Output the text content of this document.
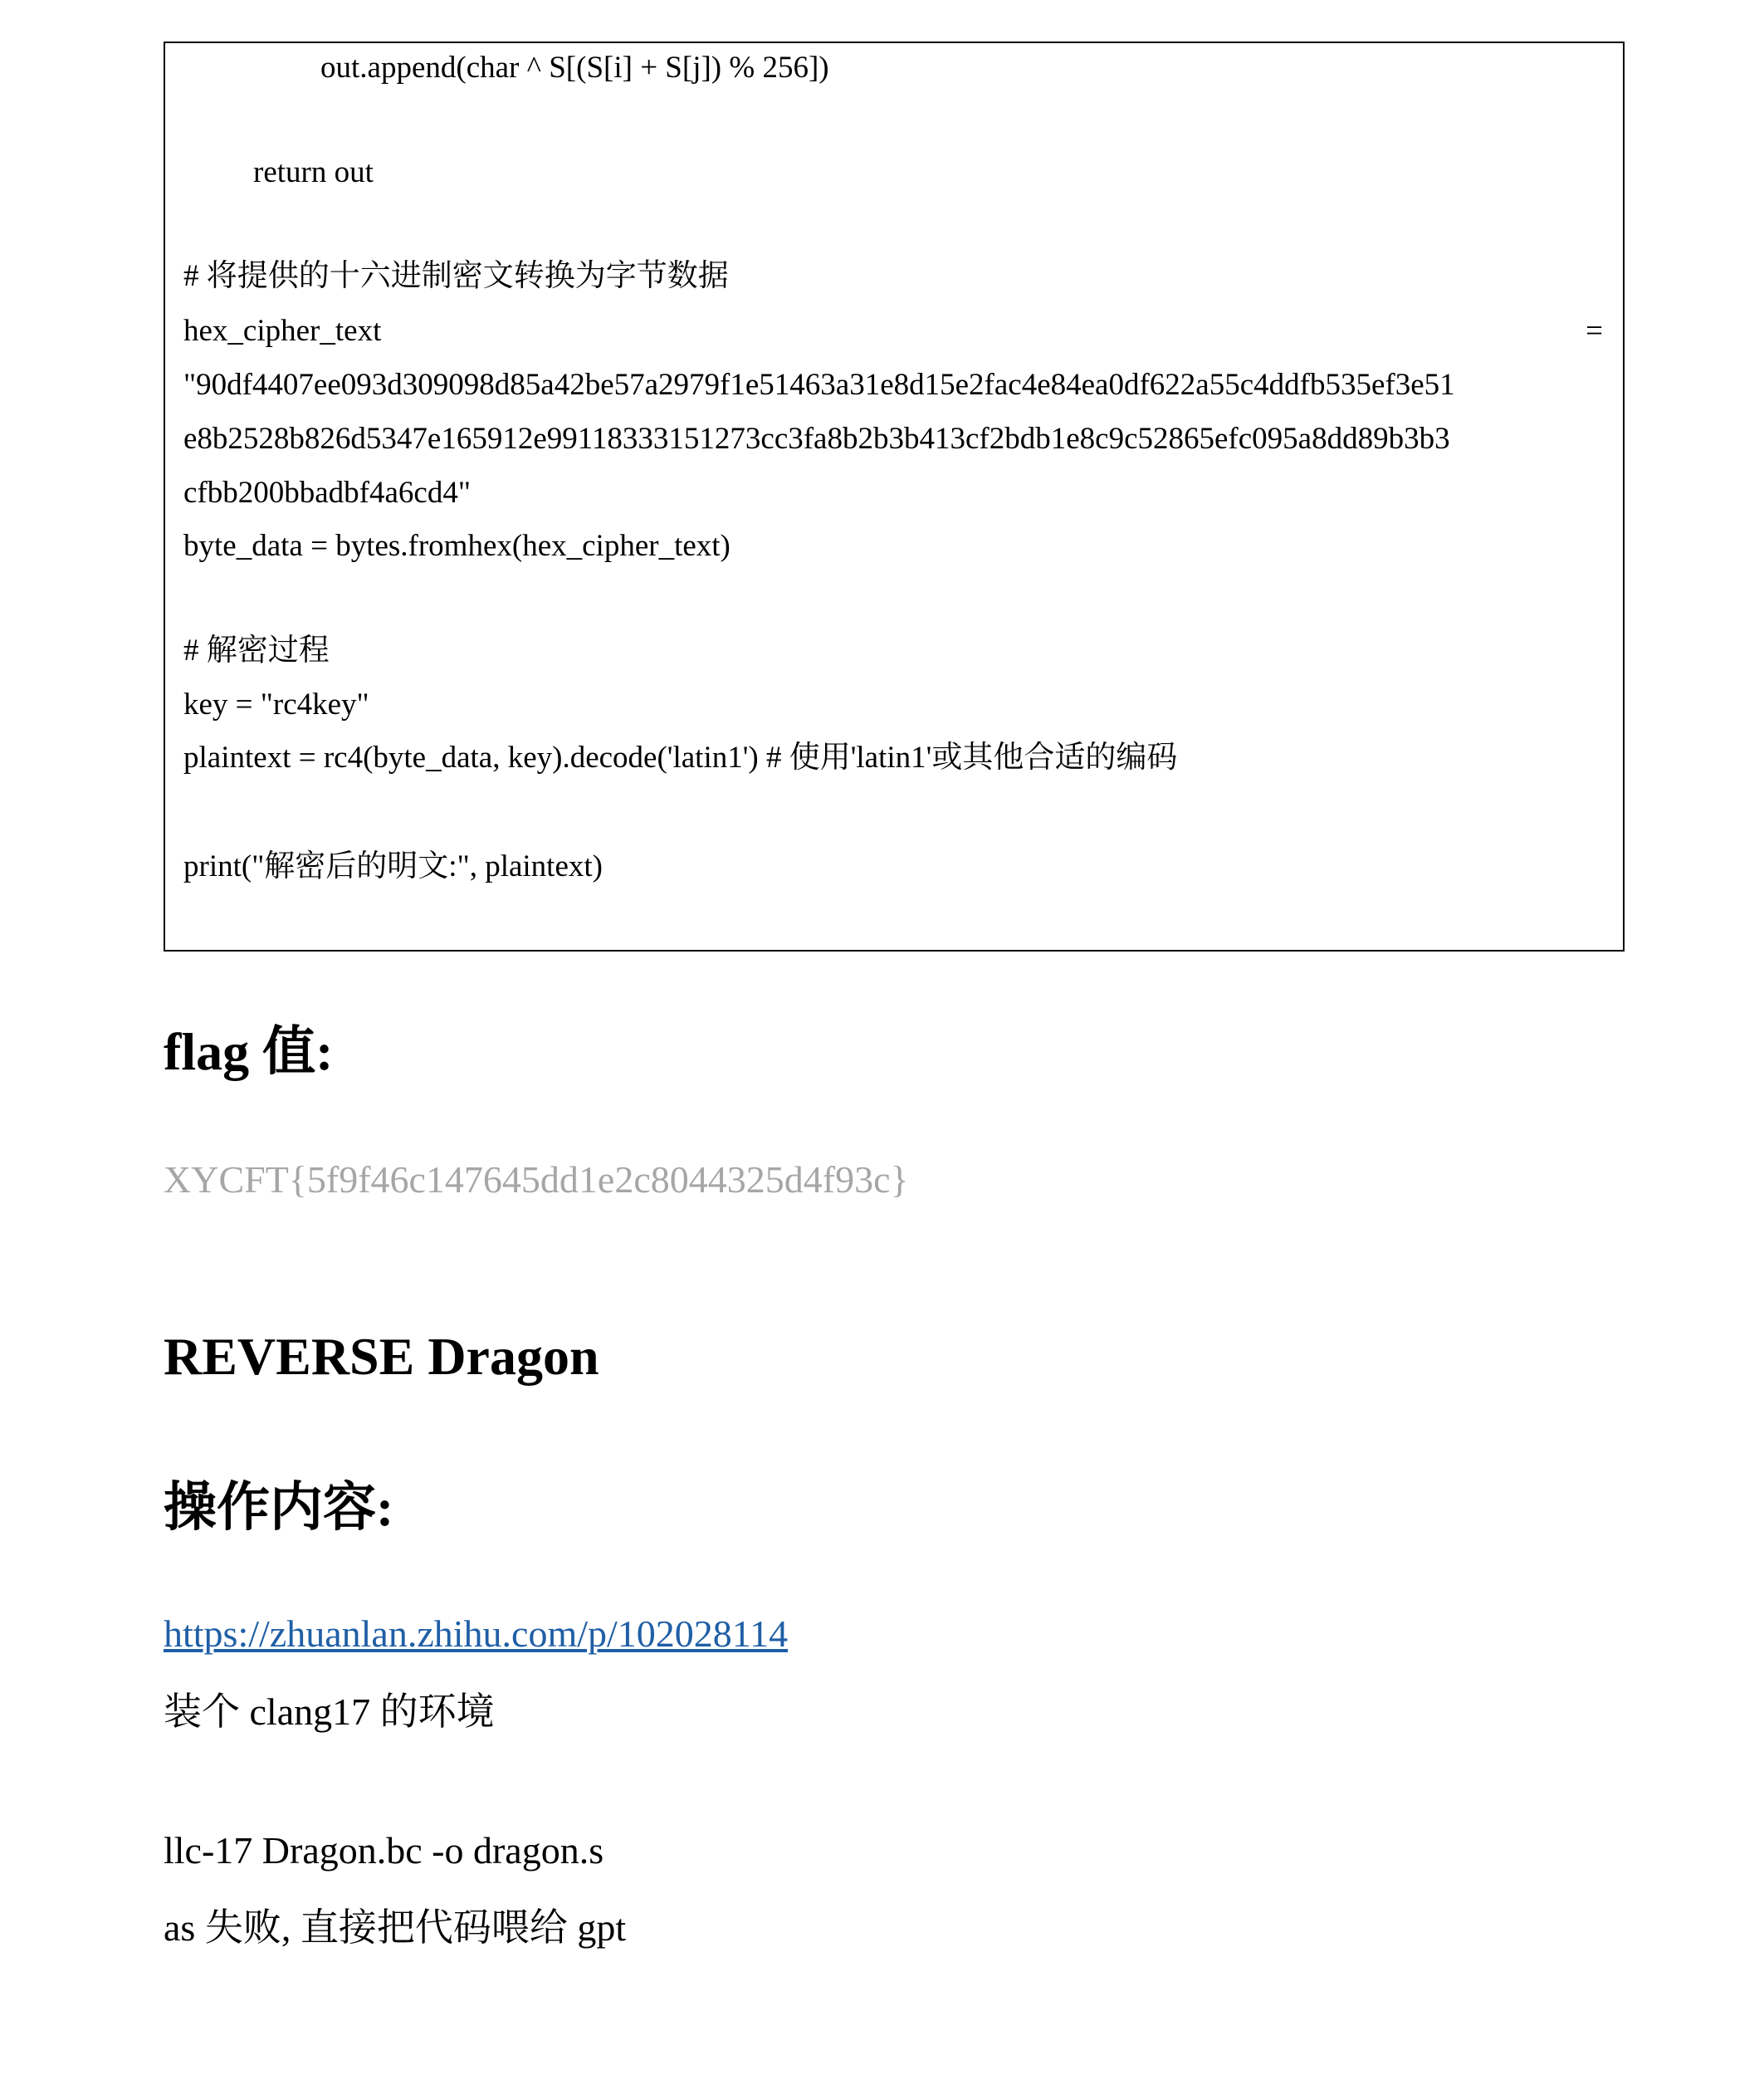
out.append(char ^ S[(S[i] + S[j]) % 256])
return out
# 将提供的十六进制密文转换为字节数据
hex_cipher_text	=
"90df4407ee093d309098d85a42be57a2979f1e51463a31e8d15e2fac4e84ea0df622a55c4ddfb535ef3e51
e8b2528b826d5347e165912e99118333151273cc3fa8b2b3b413cf2bdb1e8c9c52865efc095a8dd89b3b3
cfbb200bbadbf4a6cd4"
byte_data = bytes.fromhex(hex_cipher_text)
# 解密过程
key = "rc4key"
plaintext = rc4(byte_data, key).decode('latin1') # 使用'latin1'或其他合适的编码
print("解密后的明文:", plaintext)
flag 值:
XYCFT{5f9f46c147645dd1e2c8044325d4f93c}
REVERSE Dragon
操作内容:
https://zhuanlan.zhihu.com/p/102028114
装个 clang17 的环境
llc-17 Dragon.bc -o dragon.s
as 失败, 直接把代码喂给 gpt
